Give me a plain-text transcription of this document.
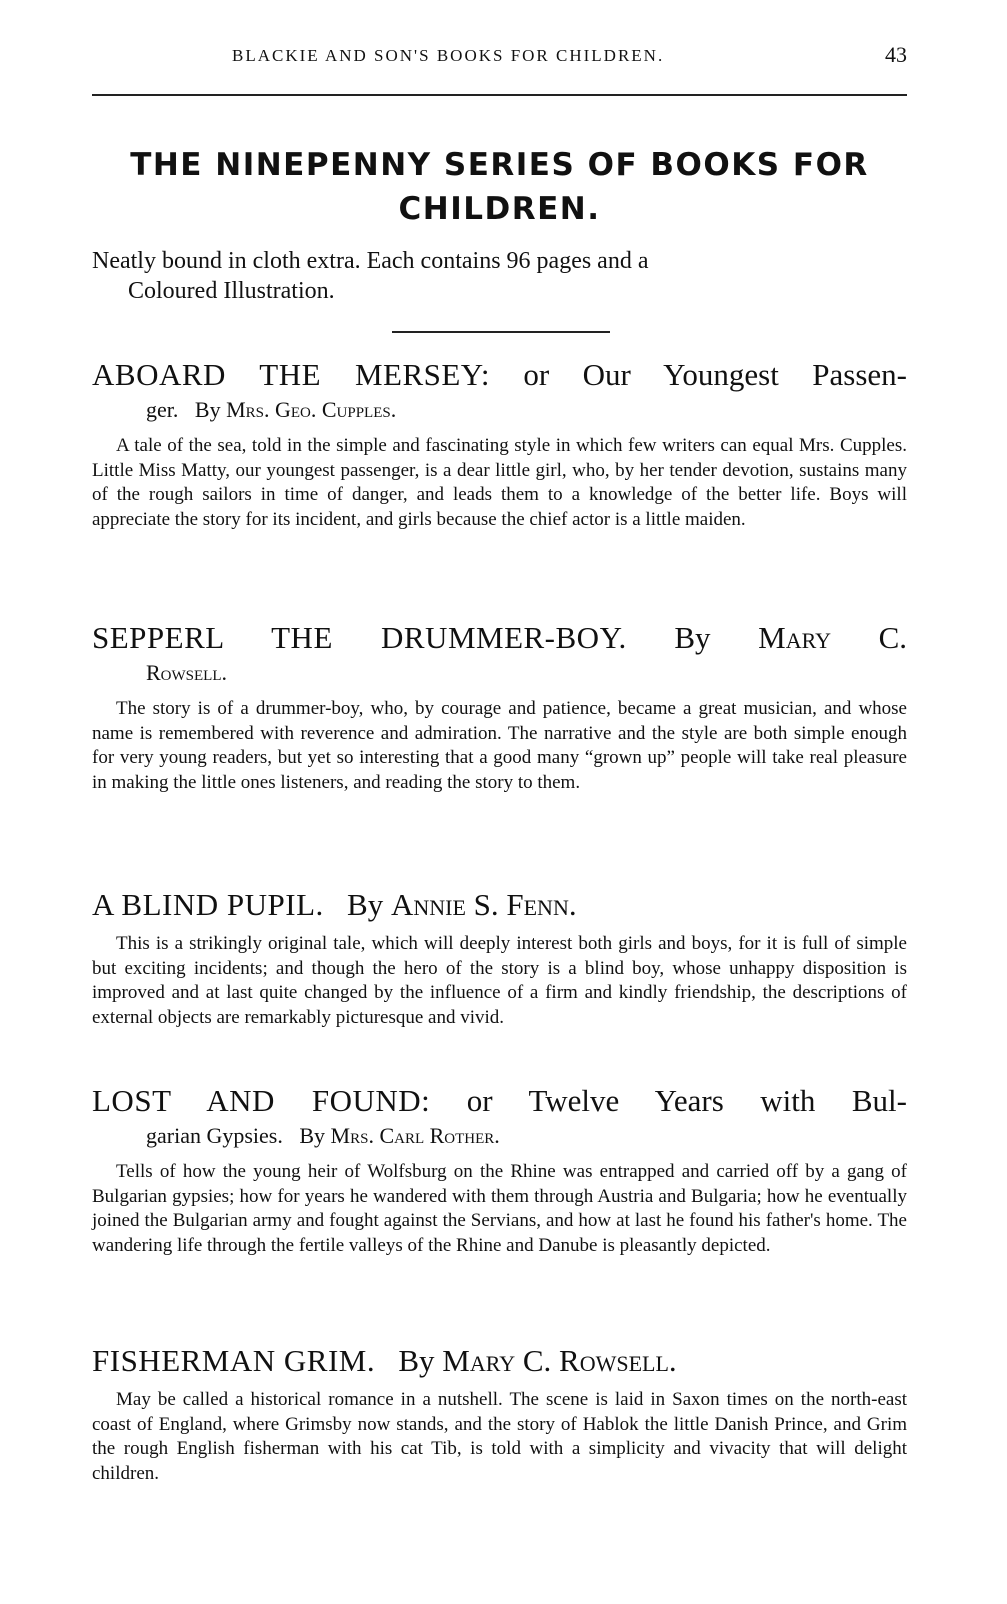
BLACKIE AND SON'S BOOKS FOR CHILDREN.	43
THE NINEPENNY SERIES OF BOOKS FOR CHILDREN.
Neatly bound in cloth extra. Each contains 96 pages and a
Coloured Illustration.

ABOARD THE MERSEY: or Our Youngest Passen-

ger. By Mrs. Geo. Cupples.

A tale of the sea, told in the simple and fascinating style in which few writers can equal Mrs. Cupples. Little Miss Matty, our youngest passenger, is a dear little girl, who, by her tender devotion, sustains many of the rough sailors in time of danger, and leads them to a knowledge of the better life. Boys will appreciate the story for its incident, and girls because the chief actor is a little maiden.

SEPPERL THE DRUMMER-BOY. By Mary C.

Rowsell.

The story is of a drummer-boy, who, by courage and patience, became a great musician, and whose name is remembered with reverence and admiration. The narrative and the style are both simple enough for very young readers, but yet so interesting that a good many “grown up” people will take real pleasure in making the little ones listeners, and reading the story to them.

A BLIND PUPIL. By Annie S. Fenn.

This is a strikingly original tale, which will deeply interest both girls and boys, for it is full of simple but exciting incidents; and though the hero of the story is a blind boy, whose unhappy disposition is improved and at last quite changed by the influence of a firm and kindly friendship, the descriptions of external objects are remarkably picturesque and vivid.

LOST AND FOUND: or Twelve Years with Bul-

garian Gypsies. By Mrs. Carl Rother.

Tells of how the young heir of Wolfsburg on the Rhine was entrapped and carried off by a gang of Bulgarian gypsies; how for years he wandered with them through Austria and Bulgaria; how he eventually joined the Bulgarian army and fought against the Servians, and how at last he found his father's home. The wandering life through the fertile valleys of the Rhine and Danube is pleasantly depicted.

FISHERMAN GRIM. By Mary C. Rowsell.

May be called a historical romance in a nutshell. The scene is laid in Saxon times on the north-east coast of England, where Grimsby now stands, and the story of Hablok the little Danish Prince, and Grim the rough English fisherman with his cat Tib, is told with a simplicity and vivacity that will delight children.
